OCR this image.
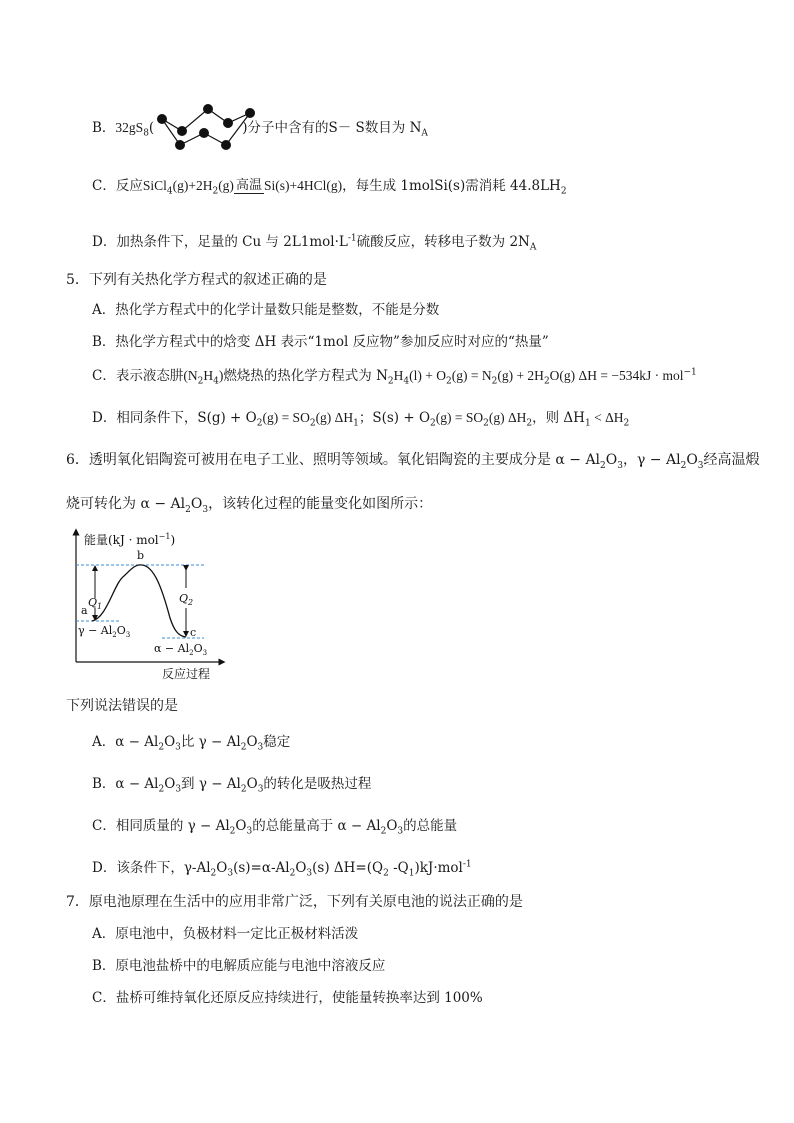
B．$32gS_8$(	)分子中含有的S－ S数目为 $N_A$
C．反应$SiCl_4(g)+2H_2(g)$ 高温 Si(s)+4HCl(g)，每生成 1molSi(s)需消耗 $44.8LH_2$
D．加热条件下，足量的 Cu 与 $2L1mol\cdot L^{-1}$硫酸反应，转移电子数为 $2N_A$
5．下列有关热化学方程式的叙述正确的是
A．热化学方程式中的化学计量数只能是整数，不能是分数
B．热化学方程式中的焓变 ΔH 表示“1mol 反应物”参加反应时对应的“热量”
C．表示液态肼$(N_2H_4)$燃烧热的热化学方程式为 $N_2H_4(l) + O_2(g) = N_2(g) + 2H_2O(g) \Delta H = -534kJ \cdot mol^{-1}$
D．相同条件下，$S(g) + O_2(g) = SO_2(g)$ $\Delta H_1$；$S(s) + O_2(g) = SO_2(g)$ $\Delta H_2$，则 $\Delta H_1 < \Delta H_2$
6．透明氧化铝陶瓷可被用在电子工业、照明等领域。氧化铝陶瓷的主要成分是 $\alpha - Al_2O_3$，$\gamma - Al_2O_3$经高温煅
烧可转化为 $\alpha - Al_2O_3$，该转化过程的能量变化如图所示：
能量(kJ · mol$^{-1}$)
反应过程
b
a
c
$Q_1$
$Q_2$
$\gamma - Al_2O_3$
$\alpha - Al_2O_3$
下列说法错误的是
A．$\alpha - Al_2O_3$比 $\gamma - Al_2O_3$稳定
B．$\alpha - Al_2O_3$到 $\gamma - Al_2O_3$的转化是吸热过程
C．相同质量的 $\gamma - Al_2O_3$的总能量高于 $\alpha - Al_2O_3$的总能量
D．该条件下，$\gamma-Al_2O_3(s)=\alpha-Al_2O_3(s)$ $\Delta H=(Q_2$ $-Q_1)kJ\cdot mol^{-1}$
7．原电池原理在生活中的应用非常广泛，下列有关原电池的说法正确的是
A．原电池中，负极材料一定比正极材料活泼
B．原电池盐桥中的电解质应能与电池中溶液反应
C．盐桥可维持氧化还原反应持续进行，使能量转换率达到 100%
